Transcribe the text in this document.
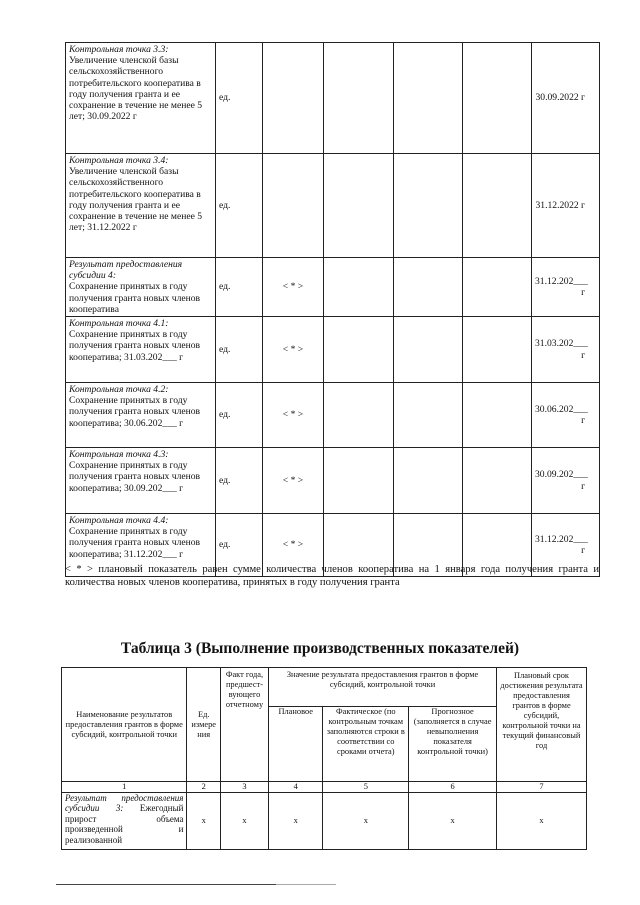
Контрольная точка 3.3:
Увеличение членской базы сельскохозяйственного потребительского кооператива в году получения гранта и ее сохранение в течение не менее 5 лет; 30.09.2022 г	ед.					30.09.2022 г
Контрольная точка 3.4:
Увеличение членской базы сельскохозяйственного потребительского кооператива в году получения гранта и ее сохранение в течение не менее 5 лет; 31.12.2022 г	ед.					31.12.2022 г
Результат предоставления субсидии 4:
Сохранение принятых в году получения гранта новых членов кооператива	ед.	< * >				31.12.202___ г
Контрольная точка 4.1:
Сохранение принятых в году получения гранта новых членов кооператива; 31.03.202___ г	ед.	< * >				31.03.202___ г
Контрольная точка 4.2:
Сохранение принятых в году получения гранта новых членов кооператива; 30.06.202___ г	ед.	< * >				30.06.202___ г
Контрольная точка 4.3:
Сохранение принятых в году получения гранта новых членов кооператива; 30.09.202___ г	ед.	< * >				30.09.202___ г
Контрольная точка 4.4:
Сохранение принятых в году получения гранта новых членов кооператива; 31.12.202___ г	ед.	< * >				31.12.202___ г
< * > плановый показатель равен сумме количества членов кооператива на 1 января года получения гранта и количества новых членов кооператива, принятых в году получения гранта
Таблица 3 (Выполнение производственных показателей)
Наименование результатов предоставления грантов в форме субсидий, контрольной точки	Ед. измере ния	Факт года, предшест- вующего отчетному	Значение результата предоставления грантов в форме субсидий, контрольной точки			Плановый срок достижения результата предоставления грантов в форме субсидий, контрольной точки на текущий финансовый год
			Плановое	Фактическое (по контрольным точкам заполняются строки в соответствии со сроками отчета)	Прогнозное (заполняется в случае невыполнения показателя контрольной точки)	
1	2	3	4	5	6	7
Результат предоставления субсидии 3: Ежегодный прирост объема произведенной и реализованной	x	x	x	x	x	x
